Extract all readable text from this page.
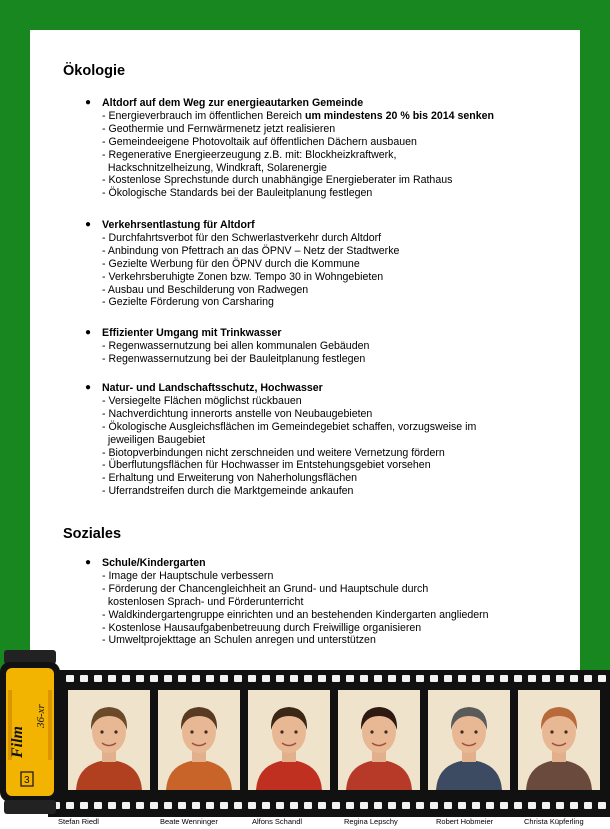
Ökologie
● Altdorf auf dem Weg zur energieautarken Gemeinde
- Energieverbrauch im öffentlichen Bereich um mindestens 20 % bis 2014 senken
- Geothermie und Fernwärmenetz jetzt realisieren
- Gemeindeeigene Photovoltaik auf öffentlichen Dächern ausbauen
- Regenerative Energieerzeugung z.B. mit: Blockheizkraftwerk,
Hackschnitzelheizung, Windkraft, Solarenergie
- Kostenlose Sprechstunde durch unabhängige Energieberater im Rathaus
- Ökologische Standards bei der Bauleitplanung festlegen
● Verkehrsentlastung für Altdorf
- Durchfahrtsverbot für den Schwerlastverkehr durch Altdorf
- Anbindung von Pfettrach an das ÖPNV – Netz der Stadtwerke
- Gezielte Werbung für den ÖPNV durch die Kommune
- Verkehrsberuhigte Zonen bzw. Tempo 30 in Wohngebieten
- Ausbau und Beschilderung von Radwegen
- Gezielte Förderung von Carsharing
● Effizienter Umgang mit Trinkwasser
- Regenwassernutzung bei allen kommunalen Gebäuden
- Regenwassernutzung bei der Bauleitplanung festlegen
● Natur- und Landschaftsschutz, Hochwasser
- Versiegelte Flächen möglichst rückbauen
- Nachverdichtung innerorts anstelle von Neubaugebieten
- Ökologische Ausgleichsflächen im Gemeindegebiet schaffen, vorzugsweise im
jeweiligen Baugebiet
- Biotopverbindungen nicht zerschneiden und weitere Vernetzung fördern
- Überflutungsflächen für Hochwasser im Entstehungsgebiet vorsehen
- Erhaltung und Erweiterung von Naherholungsflächen
- Uferrandstreifen durch die Marktgemeinde ankaufen
Soziales
● Schule/Kindergarten
- Image der Hauptschule verbessern
- Förderung der Chancengleichheit an Grund- und Hauptschule durch
kostenlosen Sprach- und Förderunterricht
- Waldkindergartengruppe einrichten und an bestehenden Kindergarten angliedern
- Kostenlose Hausaufgabenbetreuung durch Freiwillige organisieren
- Umweltprojekttage an Schulen anregen und unterstützen
Film
36-xr
3
Stefan Riedl	Beate Wenninger	Alfons Schandl	Regina Lepschy	Robert Hobmeier	Christa Küpferling
